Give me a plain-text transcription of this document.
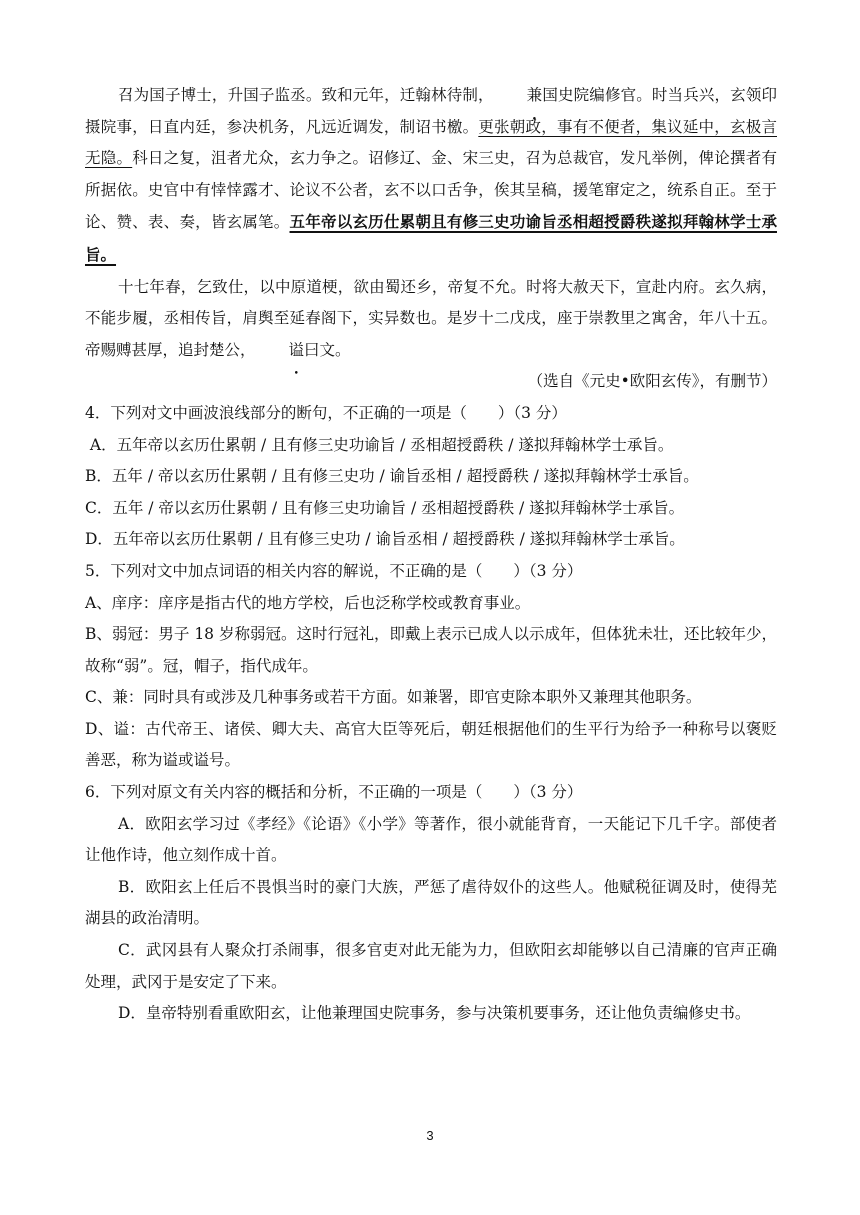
召为国子博士，升国子监丞。致和元年，迁翰林待制， 兼国史院编修官。时当兵兴，玄领印摄院事，日直内廷，参决机务，凡远近调发，制诏书檄。更张朝政，事有不便者，集议延中，玄极言无隐。科日之复，沮者尤众，玄力争之。诏修辽、金、宋三史，召为总裁官，发凡举例，俾论撰者有所据依。史官中有悻悻露才、论议不公者，玄不以口舌争，俟其呈稿，援笔窜定之，统系自正。至于论、赞、表、奏，皆玄属笔。五年帝以玄历仕累朝且有修三史功谕旨丞相超授爵秩遂拟拜翰林学士承旨。

十七年春，乞致仕，以中原道梗，欲由蜀还乡，帝复不允。时将大赦天下，宣赴内府。玄久病，不能步履，丞相传旨，肩舆至延春阁下，实异数也。是岁十二戊戌，座于崇教里之寓舍，年八十五。帝赐赙甚厚，追封楚公， 谥曰文。

（选自《元史•欧阳玄传》，有删节）

4．下列对文中画波浪线部分的断句，不正确的一项是（　　）（3 分）

A．五年帝以玄历仕累朝 / 且有修三史功谕旨 / 丞相超授爵秩 / 遂拟拜翰林学士承旨。

B．五年 / 帝以玄历仕累朝 / 且有修三史功 / 谕旨丞相 / 超授爵秩 / 遂拟拜翰林学士承旨。

C．五年 / 帝以玄历仕累朝 / 且有修三史功谕旨 / 丞相超授爵秩 / 遂拟拜翰林学士承旨。

D．五年帝以玄历仕累朝 / 且有修三史功 / 谕旨丞相 / 超授爵秩 / 遂拟拜翰林学士承旨。

5．下列对文中加点词语的相关内容的解说，不正确的是（　　）（3 分）

A、庠序：庠序是指古代的地方学校，后也泛称学校或教育事业。

B、弱冠：男子 18 岁称弱冠。这时行冠礼，即戴上表示已成人以示成年，但体犹未壮，还比较年少，故称“弱”。冠，帽子，指代成年。

C、兼：同时具有或涉及几种事务或若干方面。如兼署，即官吏除本职外又兼理其他职务。

D、谥：古代帝王、诸侯、卿大夫、高官大臣等死后，朝廷根据他们的生平行为给予一种称号以褒贬善恶，称为谥或谥号。

6．下列对原文有关内容的概括和分析，不正确的一项是（　　）（3 分）

A．欧阳玄学习过《孝经》《论语》《小学》等著作，很小就能背育，一天能记下几千字。部使者让他作诗，他立刻作成十首。

B．欧阳玄上任后不畏惧当时的豪门大族，严惩了虐待奴仆的这些人。他赋税征调及时，使得芜湖县的政治清明。

C．武冈县有人聚众打杀闹事，很多官吏对此无能为力，但欧阳玄却能够以自己清廉的官声正确处理，武冈于是安定了下来。

D．皇帝特别看重欧阳玄，让他兼理国史院事务，参与决策机要事务，还让他负责编修史书。

3
